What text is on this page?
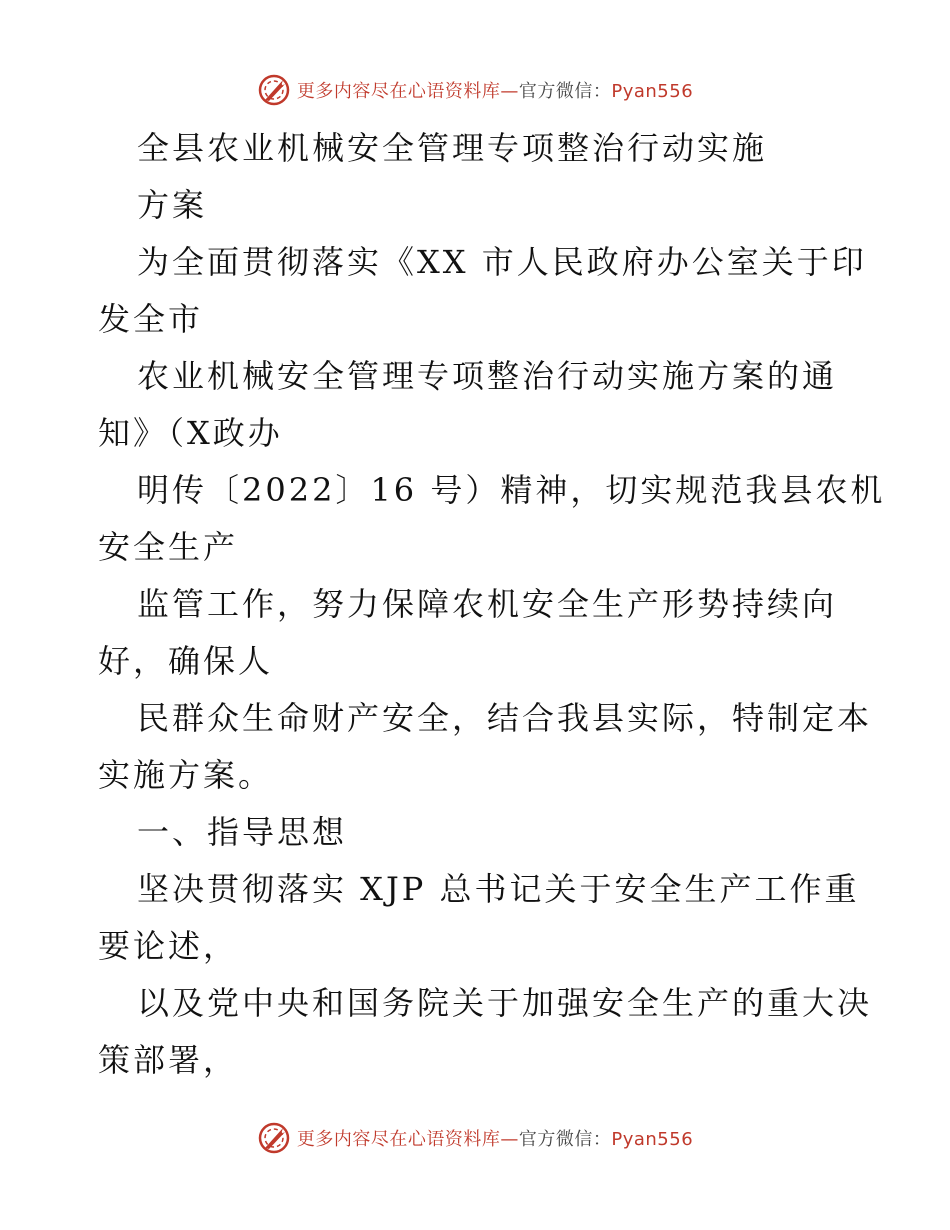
更多内容尽在心语资料库—官方微信：Pyan556
全县农业机械安全管理专项整治行动实施
方案
为全面贯彻落实《XX 市人民政府办公室关于印
发全市
农业机械安全管理专项整治行动实施方案的通
知》（X政办
明传〔2022〕16 号）精神，切实规范我县农机
安全生产
监管工作，努力保障农机安全生产形势持续向
好，确保人
民群众生命财产安全，结合我县实际，特制定本
实施方案。
一、指导思想
坚决贯彻落实 XJP 总书记关于安全生产工作重
要论述，
以及党中央和国务院关于加强安全生产的重大决
策部署，
更多内容尽在心语资料库—官方微信：Pyan556
